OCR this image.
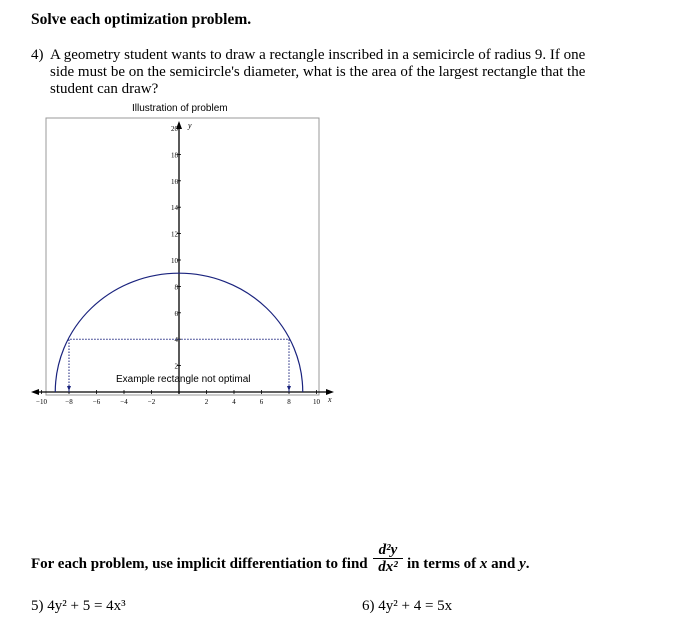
Solve each optimization problem.
4) A geometry student wants to draw a rectangle inscribed in a semicircle of radius 9. If one
side must be on the semicircle's diameter, what is the area of the largest rectangle that the
student can draw?
Illustration of problem
x
y
−10	−8	−6	−4	−2	2	4	6	8	10
2
4
6
8
10
12
14
16
18
20
Example rectangle not optimal
For each problem, use implicit differentiation to find $\frac{\text{d²y}}{\text{dx²}}$ in terms of x and y.
5) 4y² + 5 = 4x³	6) 4y² + 4 = 5x
